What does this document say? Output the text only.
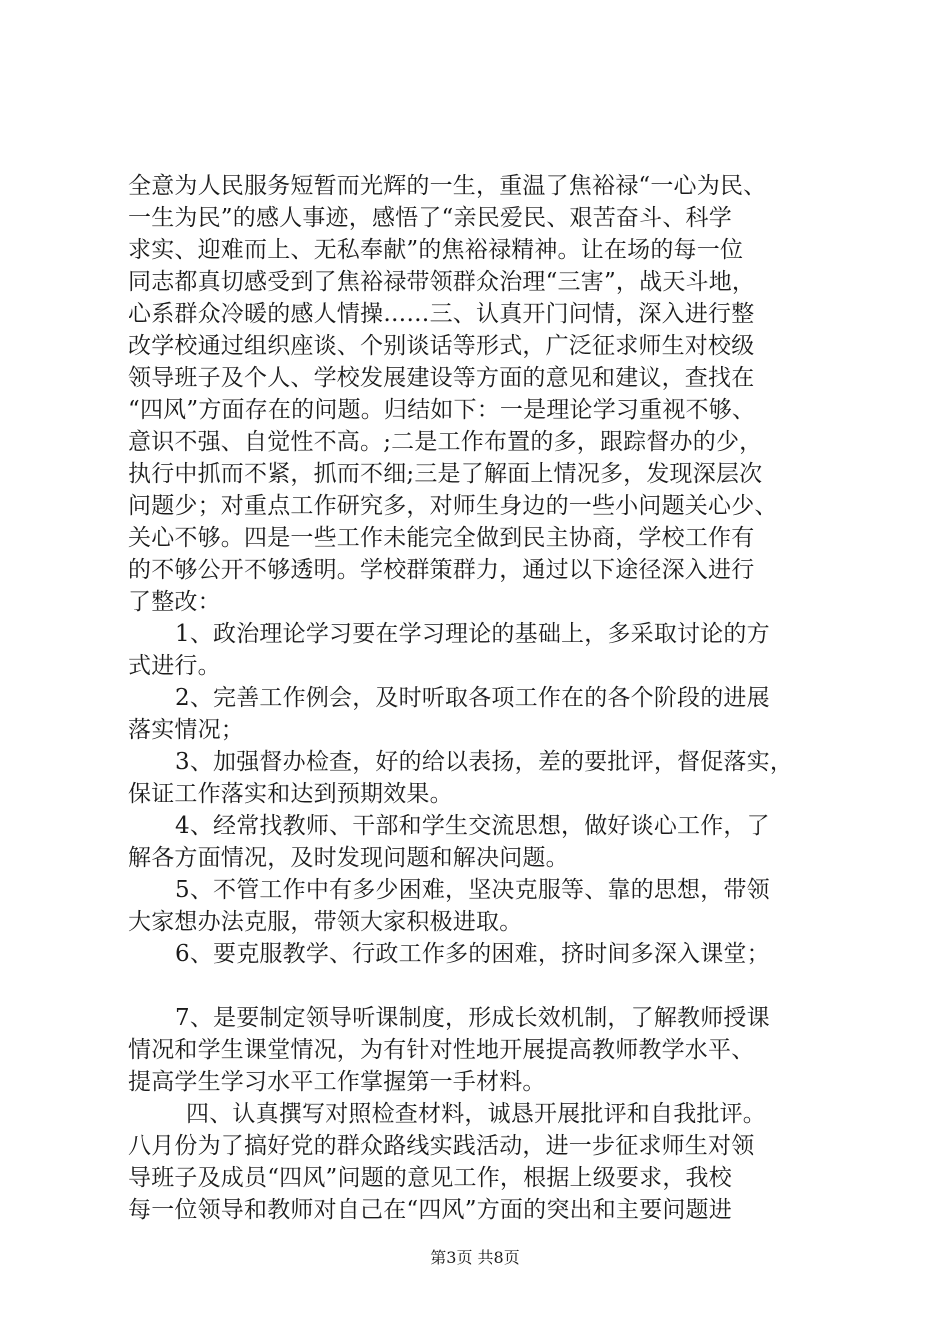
全意为人民服务短暂而光辉的一生，重温了焦裕禄“一心为民、
一生为民”的感人事迹，感悟了“亲民爱民、艰苦奋斗、科学
求实、迎难而上、无私奉献”的焦裕禄精神。让在场的每一位
同志都真切感受到了焦裕禄带领群众治理“三害”，战天斗地，
心系群众冷暖的感人情操……三、认真开门问情，深入进行整
改学校通过组织座谈、个别谈话等形式，广泛征求师生对校级
领导班子及个人、学校发展建设等方面的意见和建议，查找在
“四风”方面存在的问题。归结如下：一是理论学习重视不够、
意识不强、自觉性不高。;二是工作布置的多，跟踪督办的少，
执行中抓而不紧，抓而不细;三是了解面上情况多，发现深层次
问题少；对重点工作研究多，对师生身边的一些小问题关心少、
关心不够。四是一些工作未能完全做到民主协商，学校工作有
的不够公开不够透明。学校群策群力，通过以下途径深入进行
了整改：
1、政治理论学习要在学习理论的基础上，多采取讨论的方
式进行。
2、完善工作例会，及时听取各项工作在的各个阶段的进展
落实情况；
3、加强督办检查，好的给以表扬，差的要批评，督促落实，
保证工作落实和达到预期效果。
4、经常找教师、干部和学生交流思想，做好谈心工作，了
解各方面情况，及时发现问题和解决问题。
5、不管工作中有多少困难，坚决克服等、靠的思想，带领
大家想办法克服，带领大家积极进取。
6、要克服教学、行政工作多的困难，挤时间多深入课堂；
7、是要制定领导听课制度，形成长效机制，了解教师授课
情况和学生课堂情况，为有针对性地开展提高教师教学水平、
提高学生学习水平工作掌握第一手材料。
四、认真撰写对照检查材料，诚恳开展批评和自我批评。
八月份为了搞好党的群众路线实践活动，进一步征求师生对领
导班子及成员“四风”问题的意见工作，根据上级要求，我校
每一位领导和教师对自己在“四风”方面的突出和主要问题进
第3页 共8页
